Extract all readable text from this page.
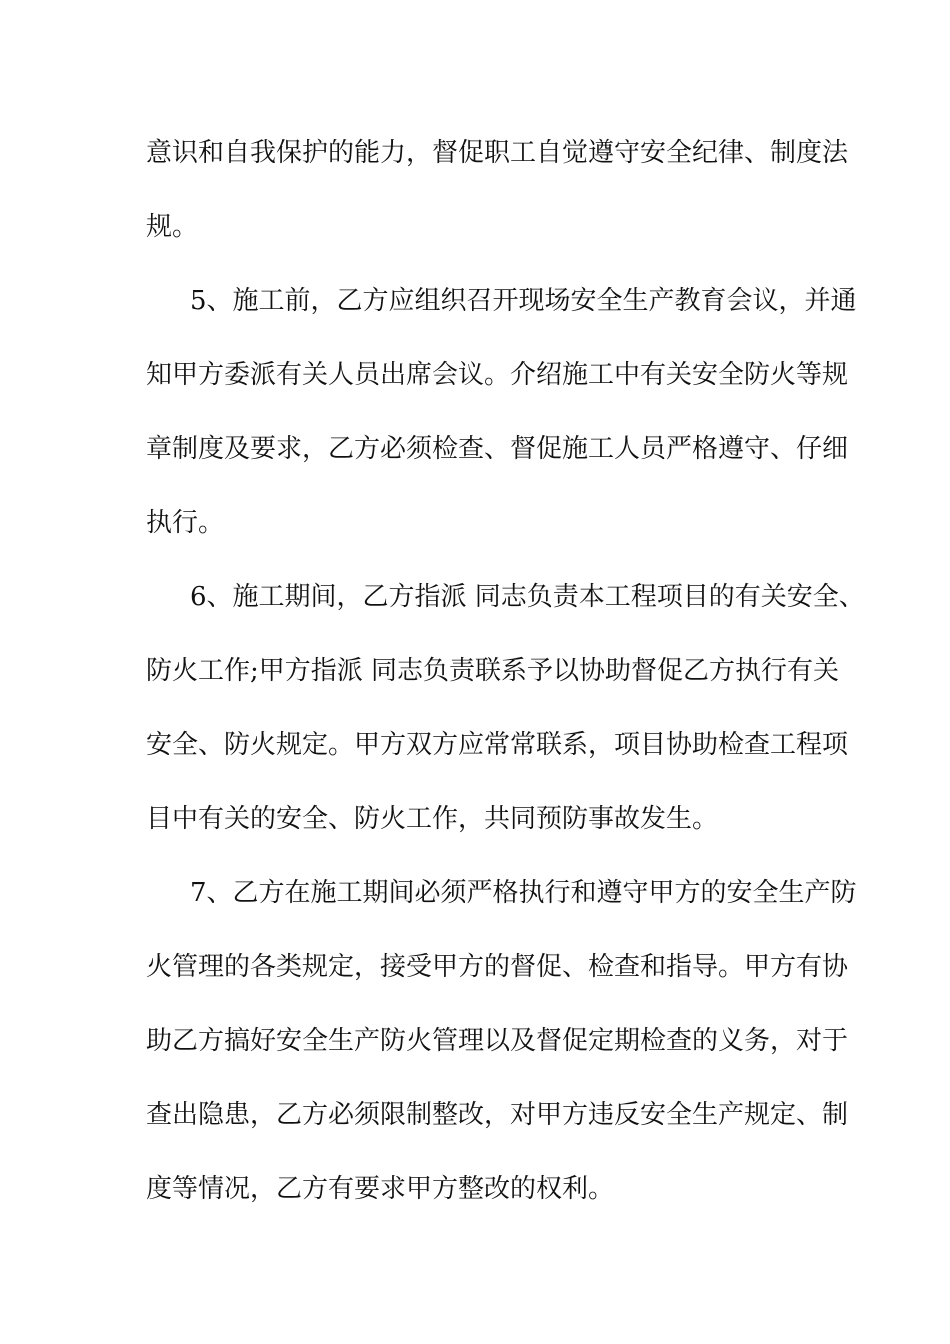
意识和自我保护的能力，督促职工自觉遵守安全纪律、制度法
规。
5、施工前，乙方应组织召开现场安全生产教育会议，并通
知甲方委派有关人员出席会议。介绍施工中有关安全防火等规
章制度及要求，乙方必须检查、督促施工人员严格遵守、仔细
执行。
6、施工期间，乙方指派 同志负责本工程项目的有关安全、
防火工作;甲方指派 同志负责联系予以协助督促乙方执行有关
安全、防火规定。甲方双方应常常联系，项目协助检查工程项
目中有关的安全、防火工作，共同预防事故发生。
7、乙方在施工期间必须严格执行和遵守甲方的安全生产防
火管理的各类规定，接受甲方的督促、检查和指导。甲方有协
助乙方搞好安全生产防火管理以及督促定期检查的义务，对于
查出隐患，乙方必须限制整改，对甲方违反安全生产规定、制
度等情况，乙方有要求甲方整改的权利。
